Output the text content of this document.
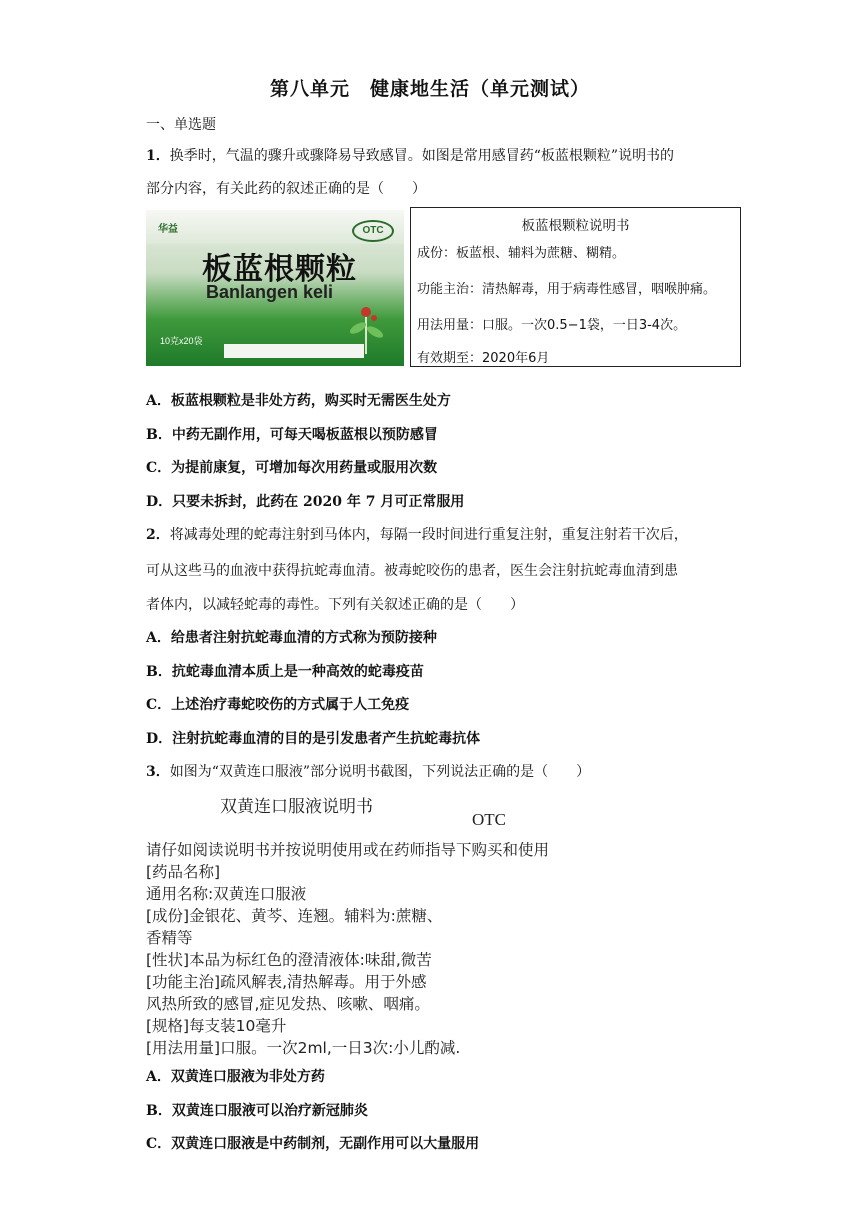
第八单元　健康地生活（单元测试）
一、单选题
1．换季时，气温的骤升或骤降易导致感冒。如图是常用感冒药“板蓝根颗粒”说明书的
部分内容，有关此药的叙述正确的是（　　）
华益	OTC
板蓝根颗粒
Banlangen keli
10克x20袋
板蓝根颗粒说明书
成份：板蓝根、辅料为蔗糖、糊精。
功能主治：清热解毒，用于病毒性感冒，咽喉肿痛。
用法用量：口服。一次0.5−1袋，一日3-4次。
有效期至：2020年6月
A．板蓝根颗粒是非处方药，购买时无需医生处方
B．中药无副作用，可每天喝板蓝根以预防感冒
C．为提前康复，可增加每次用药量或服用次数
D．只要未拆封，此药在 2020 年 7 月可正常服用
2．将减毒处理的蛇毒注射到马体内，每隔一段时间进行重复注射，重复注射若干次后，
可从这些马的血液中获得抗蛇毒血清。被毒蛇咬伤的患者，医生会注射抗蛇毒血清到患
者体内，以减轻蛇毒的毒性。下列有关叙述正确的是（　　）
A．给患者注射抗蛇毒血清的方式称为预防接种
B．抗蛇毒血清本质上是一种高效的蛇毒疫苗
C．上述治疗毒蛇咬伤的方式属于人工免疫
D．注射抗蛇毒血清的目的是引发患者产生抗蛇毒抗体
3．如图为“双黄连口服液”部分说明书截图，下列说法正确的是（　　）
双黄连口服液说明书
OTC
请仔如阅读说明书并按说明使用或在药师指导下购买和使用
[药品名称]
通用名称:双黄连口服液
[成份]金银花、黄芩、连翘。辅料为:蔗糖、
香精等
[性状]本品为标红色的澄清液体:味甜,微苦
[功能主治]疏风解表,清热解毒。用于外感
风热所致的感冒,症见发热、咳嗽、咽痛。
[规格]每支装10毫升
[用法用量]口服。一次2ml,一日3次:小儿酌减.
A．双黄连口服液为非处方药
B．双黄连口服液可以治疗新冠肺炎
C．双黄连口服液是中药制剂，无副作用可以大量服用
